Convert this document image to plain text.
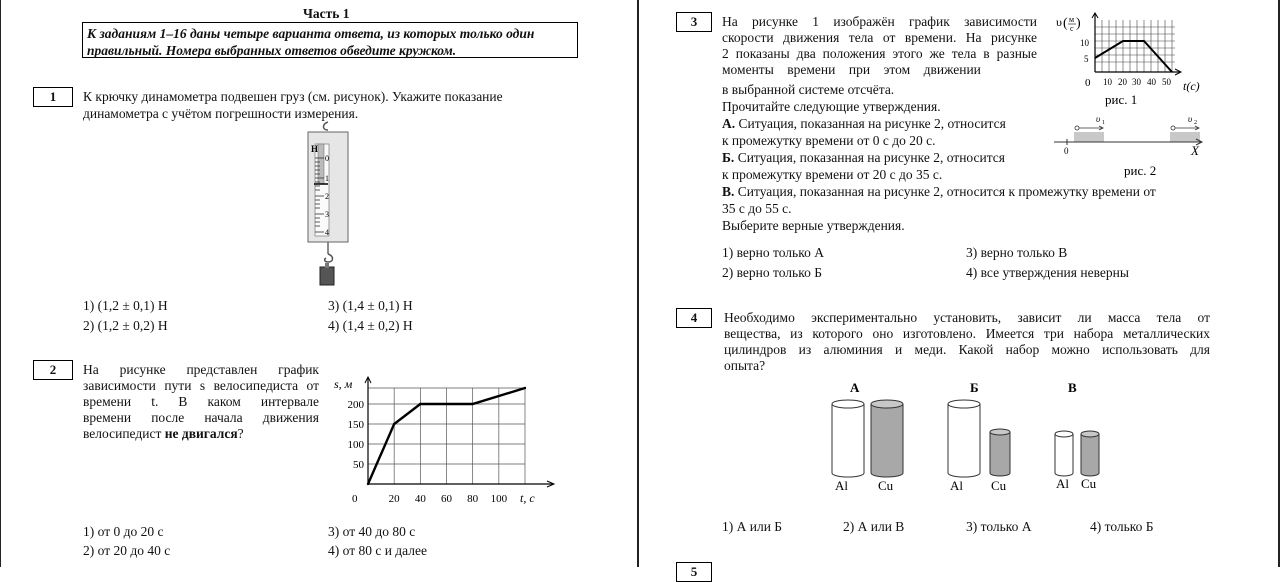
Часть 1
К заданиям 1–16 даны четыре варианта ответа, из которых только один
правильный. Номера выбранных ответов обведите кружком.
1	К крючку динамометра подвешен груз (см. рисунок). Укажите показание
динамометра с учётом погрешности измерения.
Н
0
1
2
3
4
1) (1,2 ± 0,1) Н
2) (1,2 ± 0,2) Н
3) (1,4 ± 0,1) Н
4) (1,4 ± 0,2) Н
2	На рисунке представлен график
зависимости пути s велосипедиста от
времени t. В каком интервале
времени после начала движения
велосипедист не двигался?
50
100
150
200
0	20 40 60 80 100
s, м
t, с
1) от 0 до 20 с
2) от 20 до 40 с
3) от 40 до 80 с
4) от 80 с и далее
3	На рисунке 1 изображён график зависимости
скорости движения тела от времени. На рисунке
2 показаны два положения этого же тела в разные
моменты    времени    при    этом    движении
в выбранной системе отсчёта.
Прочитайте следующие утверждения.
А. Ситуация, показанная на рисунке 2, относится
к промежутку времени от 0 с до 20 с.
Б. Ситуация, показанная на рисунке 2, относится
к промежутку времени от 20 с до 35 с.
В. Ситуация, показанная на рисунке 2, относится к промежутку времени от
35 с до 55 с.
Выберите верные утверждения.
υ ( м
с )
10
5
0 10 20 30 40 50 t(c)
рис. 1
0	X
υ 1	υ 2
рис. 2
1) верно только А
2) верно только Б
3) верно только В
4) все утверждения неверны
4	Необходимо экспериментально установить, зависит ли масса тела от
вещества, из которого оно изготовлено. Имеется три набора металлических
цилиндров из алюминия и меди. Какой набор можно использовать для
опыта?
А	Б	В
Al Cu	Al Cu	Al Cu
1) А или Б	2) А или В	3) только А	4) только Б
5
